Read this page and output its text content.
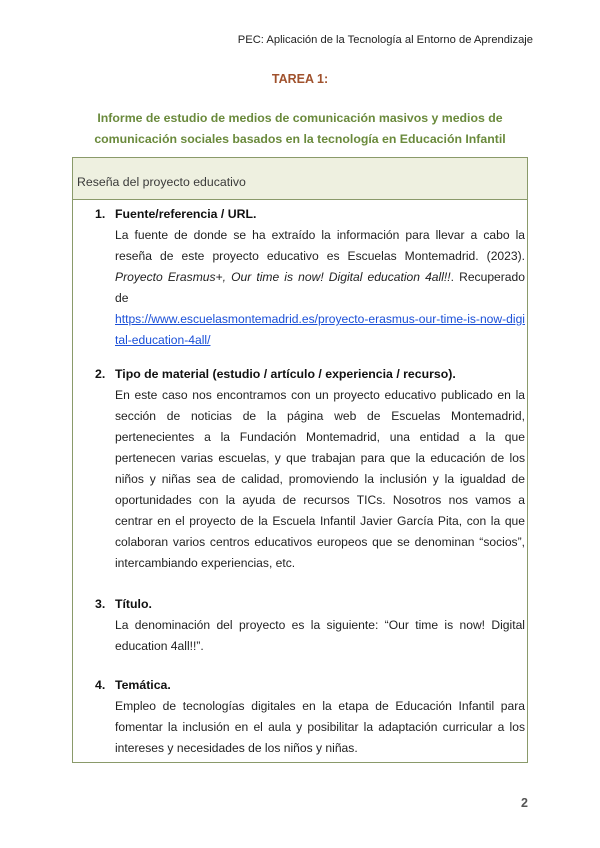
PEC: Aplicación de la Tecnología al Entorno de Aprendizaje
TAREA 1:
Informe de estudio de medios de comunicación masivos y medios de
comunicación sociales basados en la tecnología en Educación Infantil
Reseña del proyecto educativo
1. Fuente/referencia / URL.
La fuente de donde se ha extraído la información para llevar a cabo la reseña de este proyecto educativo es Escuelas Montemadrid. (2023). Proyecto Erasmus+, Our time is now! Digital education 4all!!. Recuperado de
https://www.escuelasmontemadrid.es/proyecto-erasmus-our-time-is-now-digital-education-4all/
2. Tipo de material (estudio / artículo / experiencia / recurso).
En este caso nos encontramos con un proyecto educativo publicado en la sección de noticias de la página web de Escuelas Montemadrid, pertenecientes a la Fundación Montemadrid, una entidad a la que pertenecen varias escuelas, y que trabajan para que la educación de los niños y niñas sea de calidad, promoviendo la inclusión y la igualdad de oportunidades con la ayuda de recursos TICs. Nosotros nos vamos a centrar en el proyecto de la Escuela Infantil Javier García Pita, con la que colaboran varios centros educativos europeos que se denominan “socios”, intercambiando experiencias, etc.
3. Título.
La denominación del proyecto es la siguiente: “Our time is now! Digital education 4all!!”.
4. Temática.
Empleo de tecnologías digitales en la etapa de Educación Infantil para fomentar la inclusión en el aula y posibilitar la adaptación curricular a los intereses y necesidades de los niños y niñas.
2
